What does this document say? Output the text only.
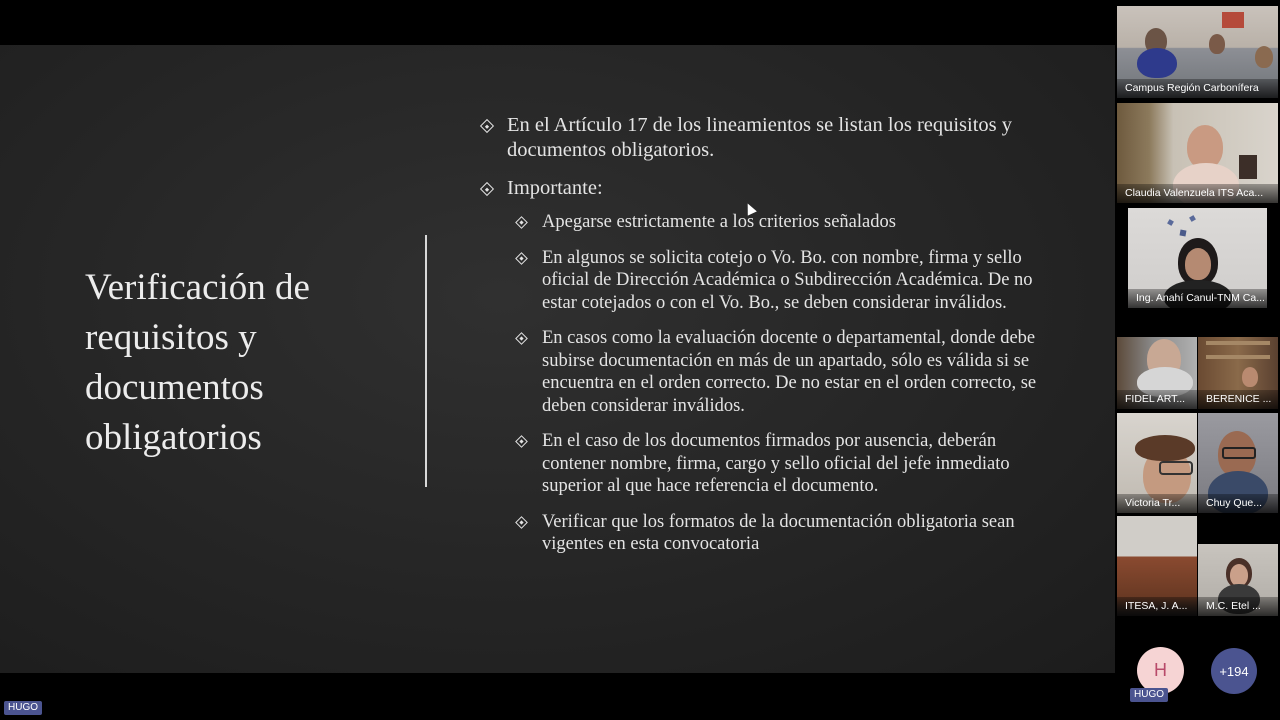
Verificación de requisitos y documentos obligatorios
En el Artículo 17 de los lineamientos se listan los requisitos y documentos obligatorios.
Importante:
Apegarse estrictamente a los criterios señalados
En algunos se solicita cotejo o Vo. Bo. con nombre, firma y sello oficial de Dirección Académica o Subdirección Académica. De no estar cotejados o con el Vo. Bo., se deben considerar inválidos.
En casos como la evaluación docente o departamental, donde debe subirse documentación en más de un apartado, sólo es válida si se encuentra en el orden correcto. De no estar en el orden correcto, se deben considerar inválidos.
En el caso de los documentos firmados por ausencia, deberán contener nombre, firma, cargo y sello oficial del jefe inmediato superior al que hace referencia el documento.
Verificar que los formatos de la documentación obligatoria sean vigentes en esta convocatoria
Campus Región Carbonífera
Claudia Valenzuela ITS Aca...
Ing. Anahí Canul-TNM Ca...
FIDEL ART...	BERENICE ...
Victoria Tr...	Chuy Que...
ITESA, J. A...	M.C. Etel ...
H
HUGO
+194
HUGO
